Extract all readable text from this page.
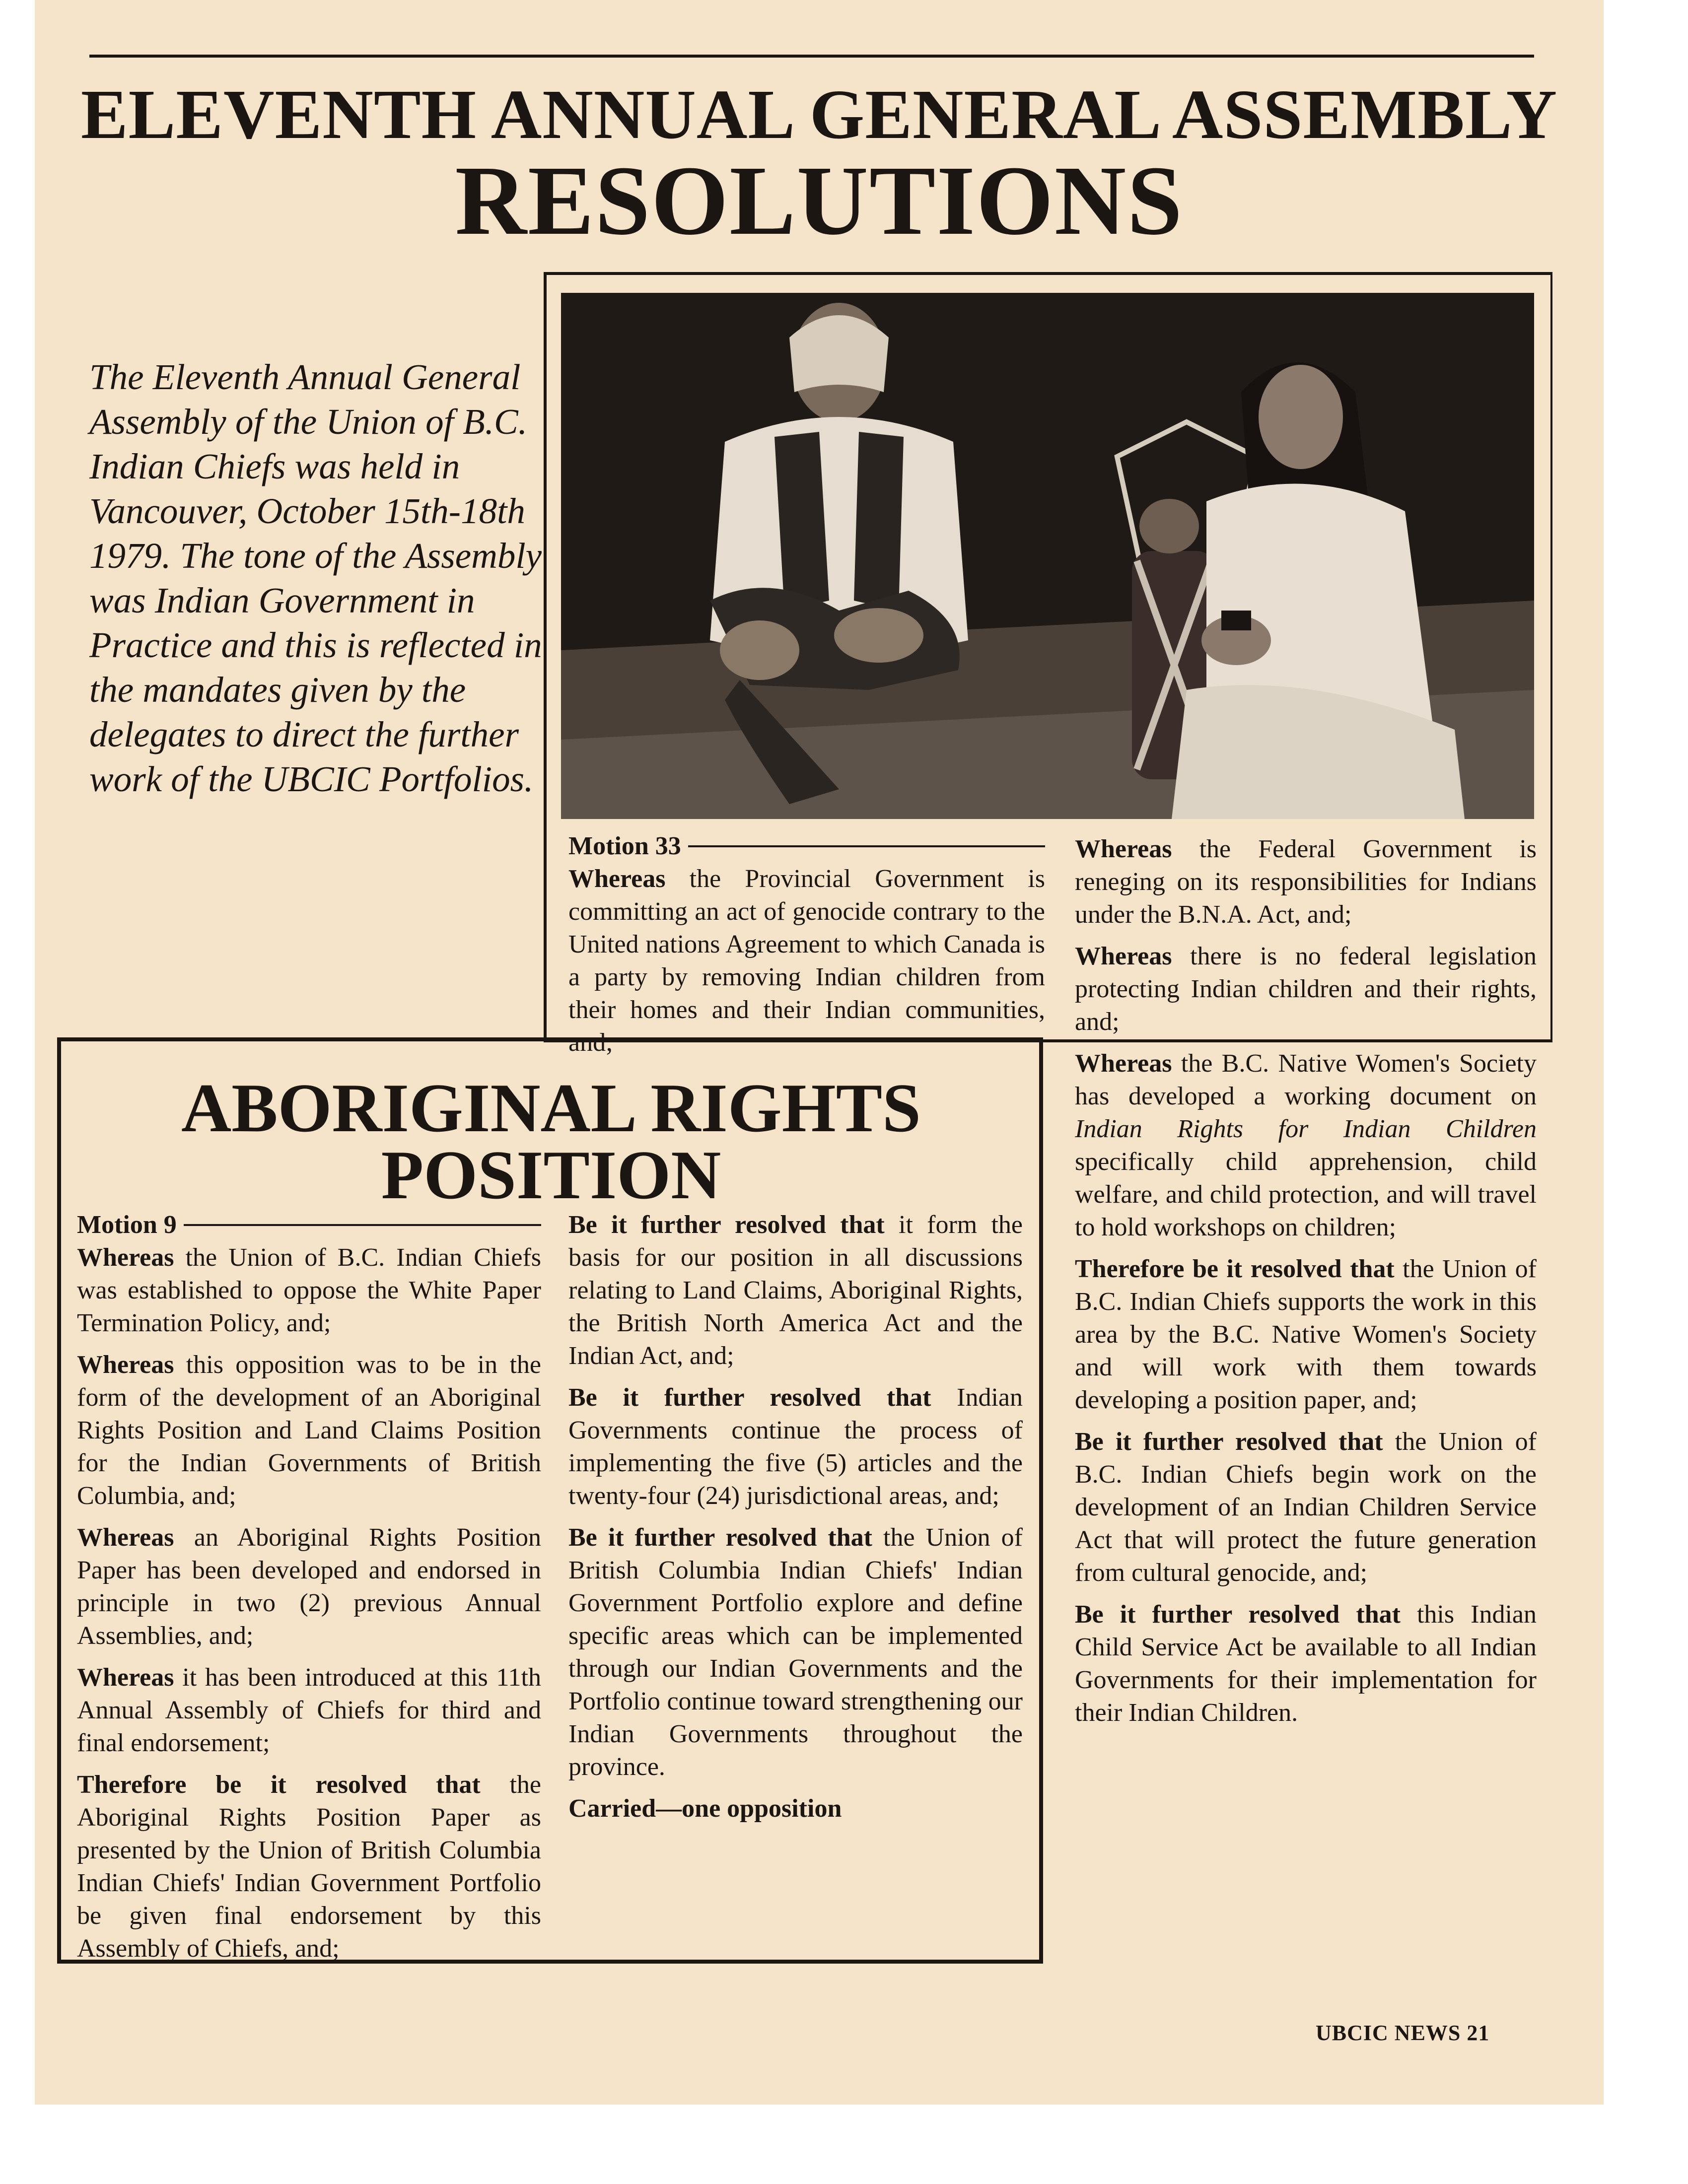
ELEVENTH ANNUAL GENERAL ASSEMBLY
RESOLUTIONS
The Eleventh Annual General Assembly of the Union of B.C. Indian Chiefs was held in Vancouver, October 15th-18th 1979. The tone of the Assembly was Indian Government in Practice and this is reflected in the mandates given by the delegates to direct the further work of the UBCIC Portfolios.
Motion 33

Whereas the Provincial Government is committing an act of genocide contrary to the United nations Agreement to which Canada is a party by removing Indian children from their homes and their Indian communities, and;

Whereas the Federal Government is reneging on its responsibilities for Indians under the B.N.A. Act, and;

Whereas there is no federal legislation protecting Indian children and their rights, and;

Whereas the B.C. Native Women's Society has developed a working document on Indian Rights for Indian Children specifically child apprehension, child welfare, and child protection, and will travel to hold workshops on children;

Therefore be it resolved that the Union of B.C. Indian Chiefs supports the work in this area by the B.C. Native Women's Society and will work with them towards developing a position paper, and;

Be it further resolved that the Union of B.C. Indian Chiefs begin work on the development of an Indian Children Service Act that will protect the future generation from cultural genocide, and;

Be it further resolved that this Indian Child Service Act be available to all Indian Governments for their implementation for their Indian Children.

ABORIGINAL RIGHTS
POSITION
Motion 9

Whereas the Union of B.C. Indian Chiefs was established to oppose the White Paper Termination Policy, and;

Whereas this opposition was to be in the form of the development of an Aboriginal Rights Position and Land Claims Position for the Indian Governments of British Columbia, and;

Whereas an Aboriginal Rights Position Paper has been developed and endorsed in principle in two (2) previous Annual Assemblies, and;

Whereas it has been introduced at this 11th Annual Assembly of Chiefs for third and final endorsement;

Therefore be it resolved that the Aboriginal Rights Position Paper as presented by the Union of British Columbia Indian Chiefs' Indian Government Portfolio be given final endorsement by this Assembly of Chiefs, and;

Be it further resolved that it form the basis for our position in all discussions relating to Land Claims, Aboriginal Rights, the British North America Act and the Indian Act, and;

Be it further resolved that Indian Governments continue the process of implementing the five (5) articles and the twenty-four (24) jurisdictional areas, and;

Be it further resolved that the Union of British Columbia Indian Chiefs' Indian Government Portfolio explore and define specific areas which can be implemented through our Indian Governments and the Portfolio continue toward strengthening our Indian Governments throughout the province.

Carried—one opposition

UBCIC NEWS 21
